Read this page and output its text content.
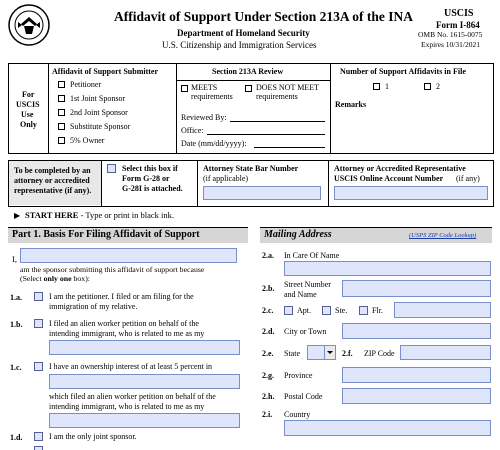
Affidavit of Support Under Section 213A of the INA
Department of Homeland Security
U.S. Citizenship and Immigration Services
USCIS
Form I-864
OMB No. 1615-0075
Expires 10/31/2021
For
USCIS
Use
Only
Affidavit of Support Submitter
Petitioner
1st Joint Sponsor
2nd Joint Sponsor
Substitute Sponsor
5% Owner
Section 213A Review
MEETS
requirements
DOES NOT MEET
requirements
Reviewed By:
Office:
Date (mm/dd/yyyy):
Number of Support Affidavits in File
1	2
Remarks
To be completed by an
attorney or accredited
representative (if any).
Select this box if
Form G-28 or
G-28I is attached.
Attorney State Bar Number
(if applicable)
Attorney or Accredited Representative
USCIS Online Account Number (if any)
▶ START HERE - Type or print in black ink.
Part 1. Basis For Filing Affidavit of Support
I,
am the sponsor submitting this affidavit of support because
(Select only one box):
1.a.	I am the petitioner. I filed or am filing for the
immigration of my relative.
1.b.	I filed an alien worker petition on behalf of the
intending immigrant, who is related to me as my
1.c.	I have an ownership interest of at least 5 percent in
which filed an alien worker petition on behalf of the
intending immigrant, who is related to me as my
1.d.	I am the only joint sponsor.
Mailing Address	(USPS ZIP Code Lookup)
2.a. In Care Of Name
2.b. Street Number
and Name
2.c.	Apt.	Ste.	Flr.
2.d. City or Town
2.e. State	2.f. ZIP Code
2.g. Province
2.h. Postal Code
2.i. Country
